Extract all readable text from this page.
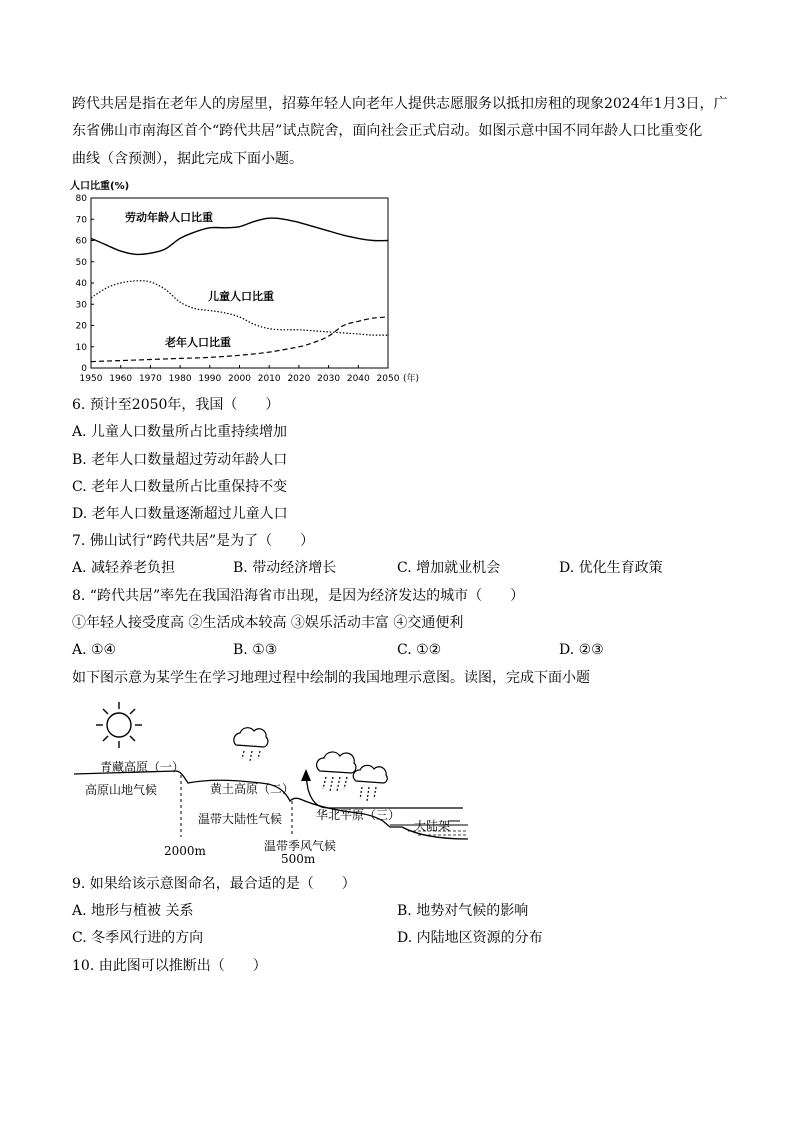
跨代共居是指在老年人的房屋里，招募年轻人向老年人提供志愿服务以抵扣房租的现象2024年1月3日，广
东省佛山市南海区首个“跨代共居”试点院舍，面向社会正式启动。如图示意中国不同年龄人口比重变化
曲线（含预测），据此完成下面小题。
人口比重(%)
0
10
20
30
40
50
60
70
80
1950 1960 1970 1980 1990 2000 2010 2020 2030 2040 2050
劳动年龄人口比重
儿童人口比重
老年人口比重
(年)
6. 预计至2050年，我国（　　）
A. 儿童人口数量所占比重持续增加
B. 老年人口数量超过劳动年龄人口
C. 老年人口数量所占比重保持不变
D. 老年人口数量逐渐超过儿童人口
7. 佛山试行“跨代共居”是为了（　　）
A. 减轻养老负担	B. 带动经济增长	C. 增加就业机会	D. 优化生育政策
8. “跨代共居”率先在我国沿海省市出现，是因为经济发达的城市（　　）
①年轻人接受度高 ②生活成本较高 ③娱乐活动丰富 ④交通便利
A. ①④	B. ①③	C. ①②	D. ②③
如下图示意为某学生在学习地理过程中绘制的我国地理示意图。读图，完成下面小题
青藏高原（一）
高原山地气候	黄土高原（二）
温带大陆性气候	华北平原（三）
温带季风气候
大陆架
2000m
500m
9. 如果给该示意图命名，最合适的是（　　）
A. 地形与植被 关系	B. 地势对气候的影响
C. 冬季风行进的方向	D. 内陆地区资源的分布
10. 由此图可以推断出（　　）
